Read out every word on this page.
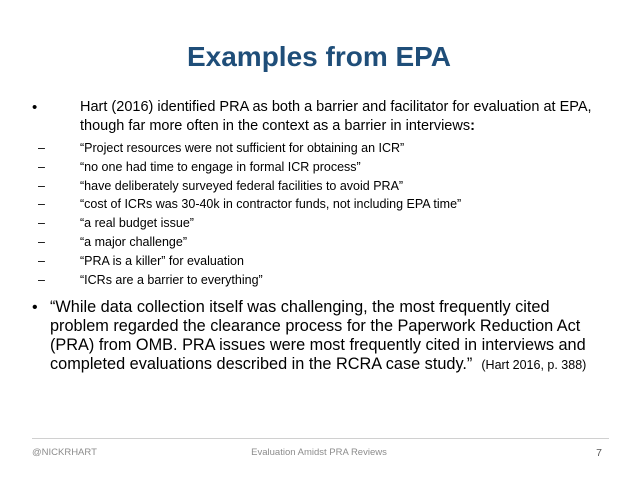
Examples from EPA
•	Hart (2016) identified PRA as both a barrier and facilitator for evaluation at EPA, though far more often in the context as a barrier in interviews:
–	“Project resources were not sufficient for obtaining an ICR”
–	“no one had time to engage in formal ICR process”
–	“have deliberately surveyed federal facilities to avoid PRA”
–	“cost of ICRs was 30-40k in contractor funds, not including EPA time”
–	“a real budget issue”
–	“a major challenge”
–	“PRA is a killer” for evaluation
–	“ICRs are a barrier to everything”
• “While data collection itself was challenging, the most frequently cited problem regarded the clearance process for the Paperwork Reduction Act (PRA) from OMB. PRA issues were most frequently cited in interviews and completed evaluations described in the RCRA case study.” (Hart 2016, p. 388)
@NICKRHART	Evaluation Amidst PRA Reviews	7
